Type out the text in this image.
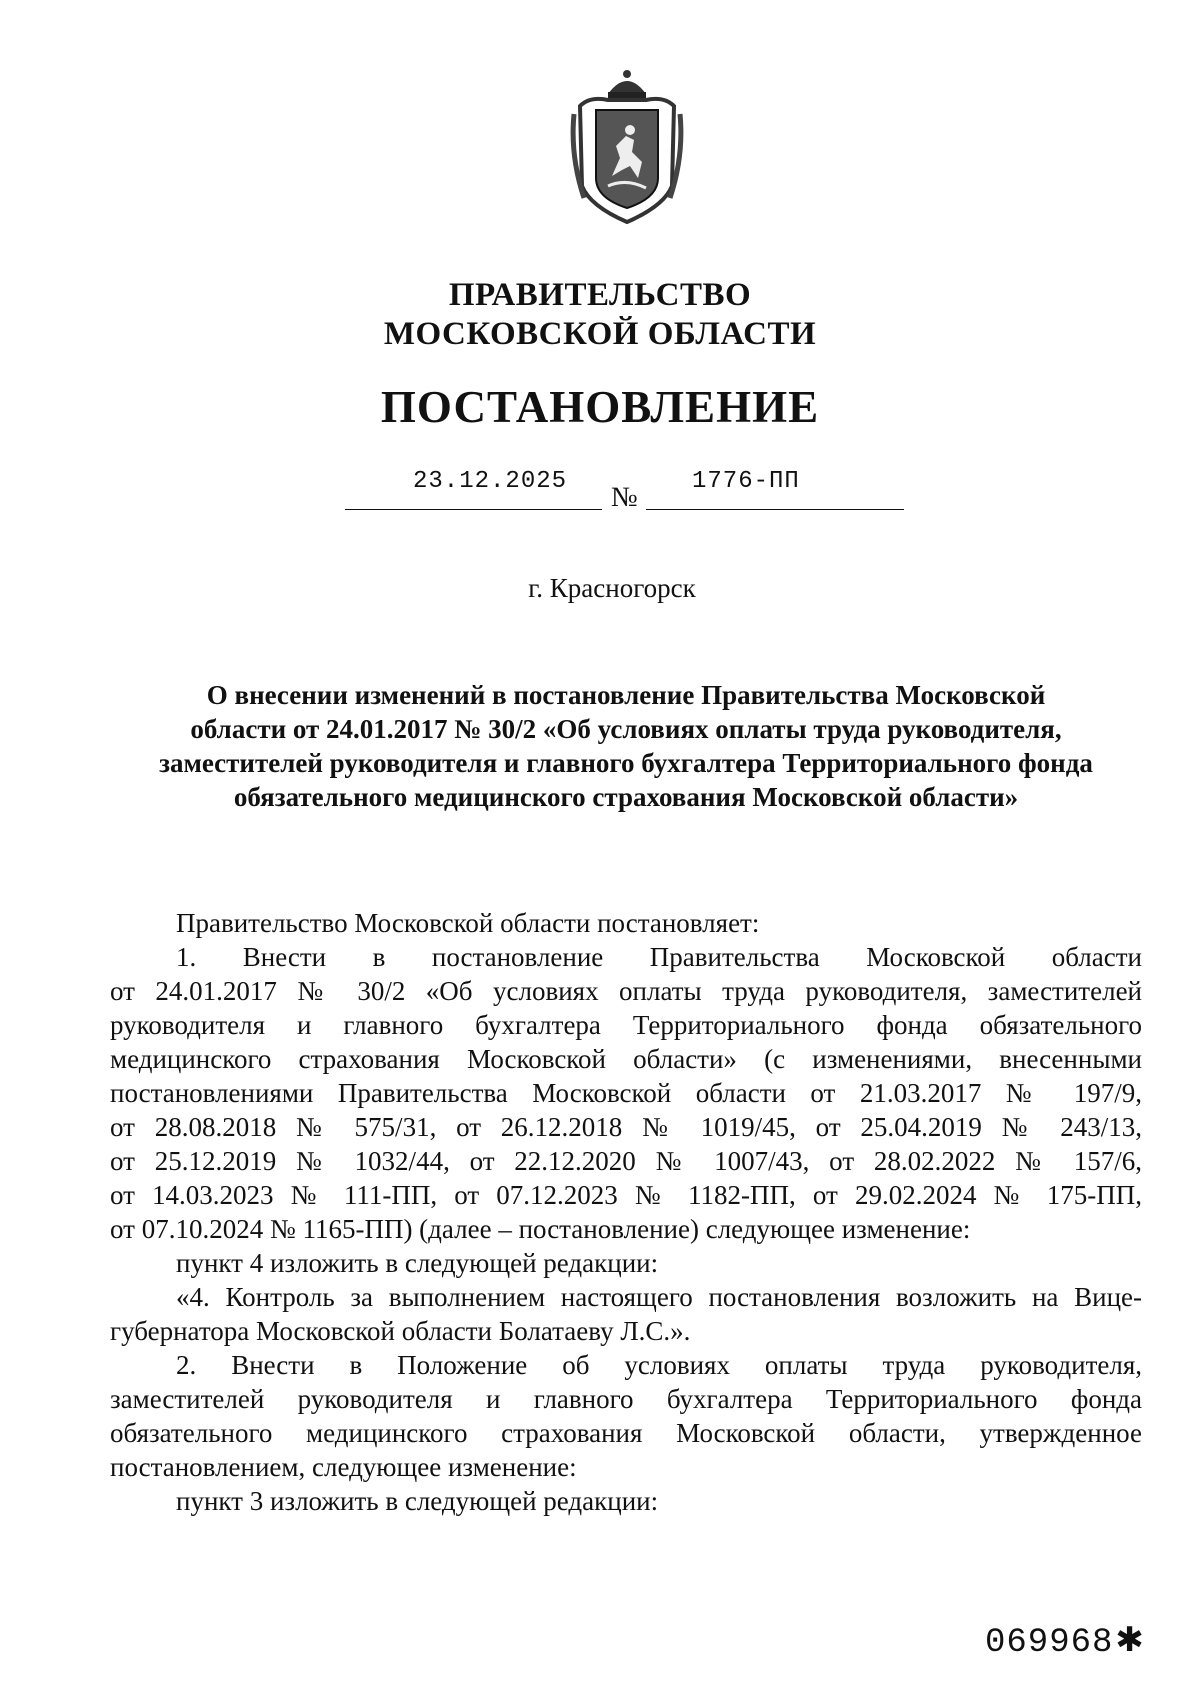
ПРАВИТЕЛЬСТВО
МОСКОВСКОЙ ОБЛАСТИ
ПОСТАНОВЛЕНИЕ
23.12.2025
№
1776-ПП
г. Красногорск
О внесении изменений в постановление Правительства Московской
области от 24.01.2017 № 30/2 «Об условиях оплаты труда руководителя,
заместителей руководителя и главного бухгалтера Территориального фонда
обязательного медицинского страхования Московской области»
Правительство Московской области постановляет:
1. Внести в постановление Правительства Московской области
от 24.01.2017 № 30/2 «Об условиях оплаты труда руководителя, заместителей
руководителя и главного бухгалтера Территориального фонда обязательного
медицинского страхования Московской области» (с изменениями, внесенными
постановлениями Правительства Московской области от 21.03.2017 № 197/9,
от 28.08.2018 № 575/31, от 26.12.2018 № 1019/45, от 25.04.2019 № 243/13,
от 25.12.2019 № 1032/44, от 22.12.2020 № 1007/43, от 28.02.2022 № 157/6,
от 14.03.2023 № 111-ПП, от 07.12.2023 № 1182-ПП, от 29.02.2024 № 175-ПП,
от 07.10.2024 № 1165-ПП) (далее – постановление) следующее изменение:
пункт 4 изложить в следующей редакции:
«4. Контроль за выполнением настоящего постановления возложить на Вице-
губернатора Московской области Болатаеву Л.С.».
2. Внести в Положение об условиях оплаты труда руководителя,
заместителей руководителя и главного бухгалтера Территориального фонда
обязательного медицинского страхования Московской области, утвержденное
постановлением, следующее изменение:
пункт 3 изложить в следующей редакции:
069968✱
